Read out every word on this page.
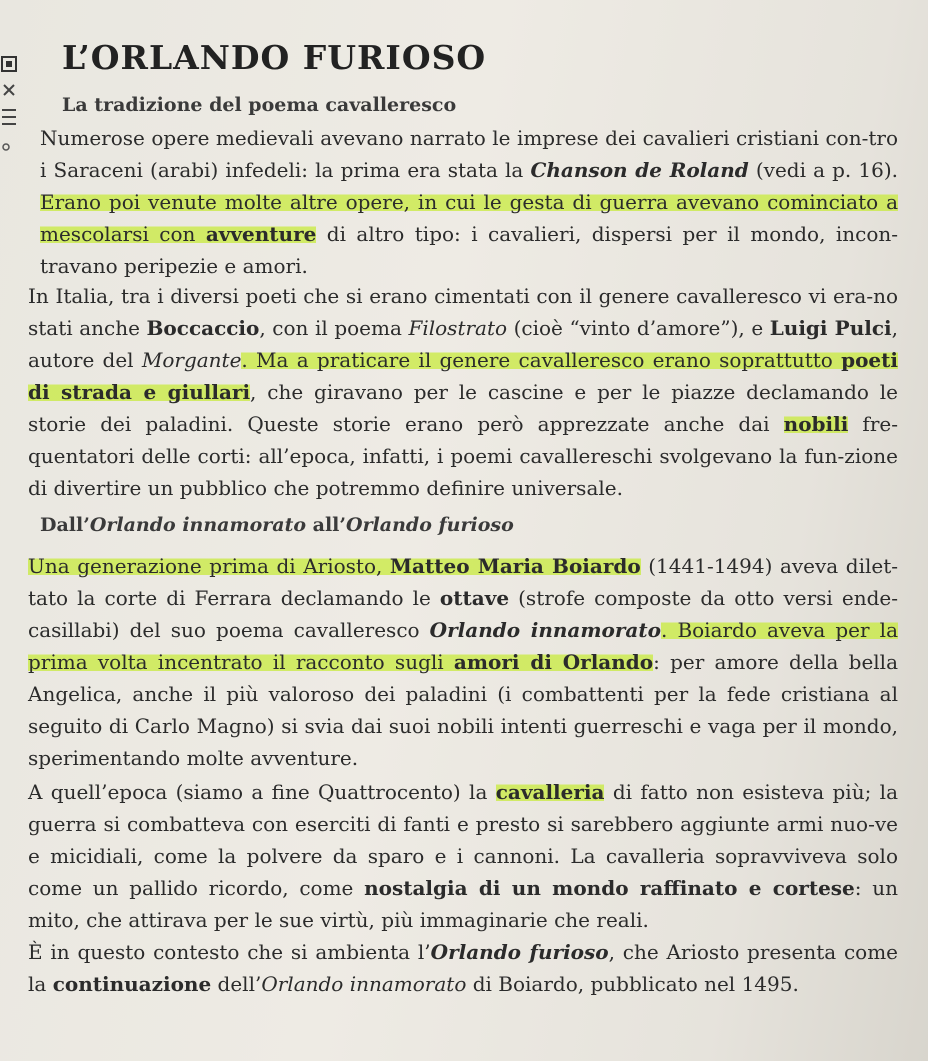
L’ORLANDO FURIOSO
La tradizione del poema cavalleresco

Numerose opere medievali avevano narrato le imprese dei cavalieri cristiani con-tro i Saraceni (arabi) infedeli: la prima era stata la Chanson de Roland (vedi a p. 16). Erano poi venute molte altre opere, in cui le gesta di guerra avevano cominciato a mescolarsi con avventure di altro tipo: i cavalieri, dispersi per il mondo, incon-travano peripezie e amori.

In Italia, tra i diversi poeti che si erano cimentati con il genere cavalleresco vi era-no stati anche Boccaccio, con il poema Filostrato (cioè “vinto d’amore”), e Luigi Pulci, autore del Morgante. Ma a praticare il genere cavalleresco erano soprattutto poeti di strada e giullari, che giravano per le cascine e per le piazze declamando le storie dei paladini. Queste storie erano però apprezzate anche dai nobili fre-quentatori delle corti: all’epoca, infatti, i poemi cavallereschi svolgevano la fun-zione di divertire un pubblico che potremmo definire universale.

Dall’Orlando innamorato all’Orlando furioso

Una generazione prima di Ariosto, Matteo Maria Boiardo (1441-1494) aveva dilet-tato la corte di Ferrara declamando le ottave (strofe composte da otto versi ende-casillabi) del suo poema cavalleresco Orlando innamorato. Boiardo aveva per la prima volta incentrato il racconto sugli amori di Orlando: per amore della bella Angelica, anche il più valoroso dei paladini (i combattenti per la fede cristiana al seguito di Carlo Magno) si svia dai suoi nobili intenti guerreschi e vaga per il mondo, sperimentando molte avventure.

A quell’epoca (siamo a fine Quattrocento) la cavalleria di fatto non esisteva più; la guerra si combatteva con eserciti di fanti e presto si sarebbero aggiunte armi nuo-ve e micidiali, come la polvere da sparo e i cannoni. La cavalleria sopravviveva solo come un pallido ricordo, come nostalgia di un mondo raffinato e cortese: un mito, che attirava per le sue virtù, più immaginarie che reali.

È in questo contesto che si ambienta l’Orlando furioso, che Ariosto presenta come la continuazione dell’Orlando innamorato di Boiardo, pubblicato nel 1495.
